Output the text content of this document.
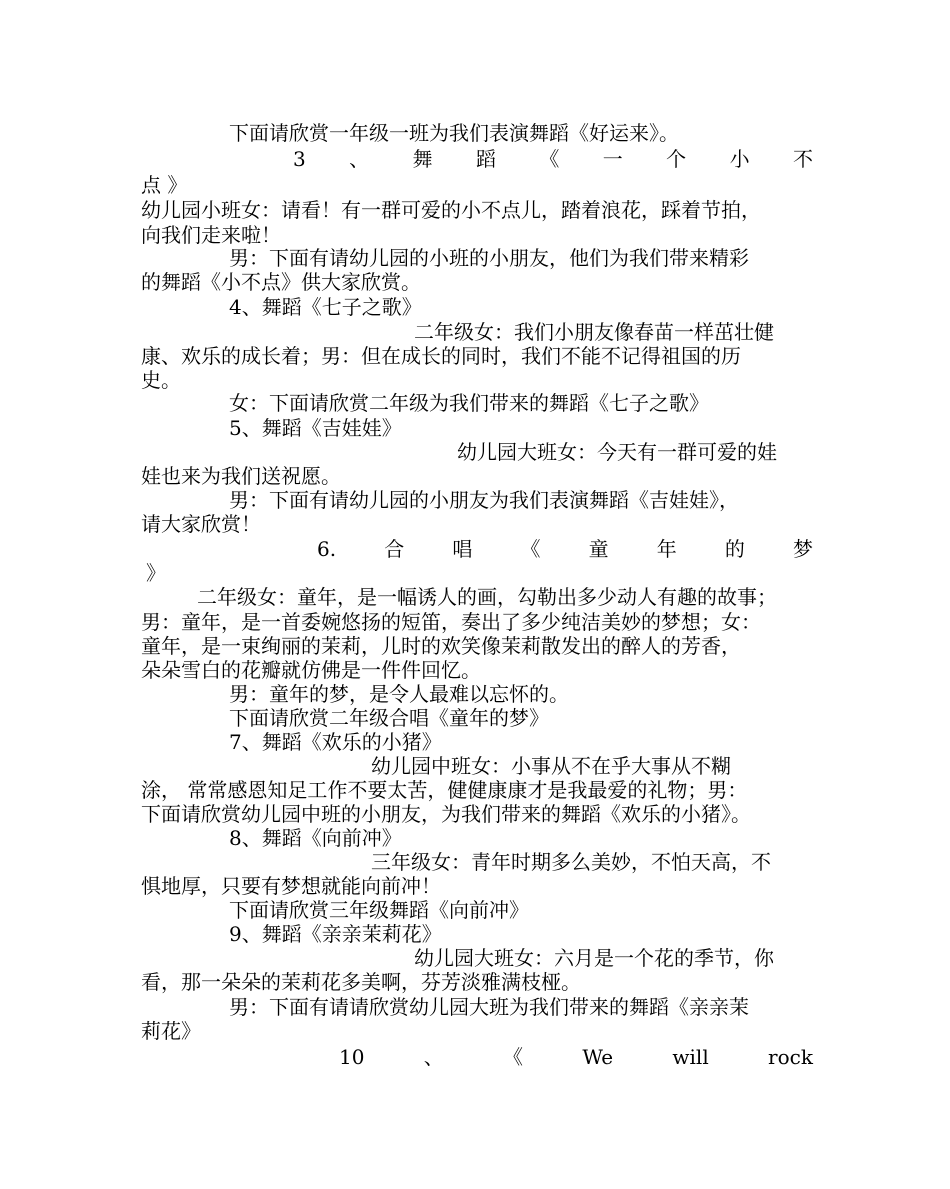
下面请欣赏一年级一班为我们表演舞蹈《好运来》。
3 、 舞 蹈 《 一 个 小 不
点 》
幼儿园小班女：请看！有一群可爱的小不点儿，踏着浪花，踩着节拍，
向我们走来啦！
男：下面有请幼儿园的小班的小朋友，他们为我们带来精彩
的舞蹈《小不点》供大家欣赏。
4、舞蹈《七子之歌》
二年级女：我们小朋友像春苗一样茁壮健
康、欢乐的成长着；男：但在成长的同时，我们不能不记得祖国的历
史。
女：下面请欣赏二年级为我们带来的舞蹈《七子之歌》
5、舞蹈《吉娃娃》
幼儿园大班女：今天有一群可爱的娃
娃也来为我们送祝愿。
男：下面有请幼儿园的小朋友为我们表演舞蹈《吉娃娃》，
请大家欣赏！
6. 合 唱 《 童 年 的 梦
》
二年级女：童年，是一幅诱人的画，勾勒出多少动人有趣的故事；
男：童年，是一首委婉悠扬的短笛，奏出了多少纯洁美妙的梦想；女：
童年，是一束绚丽的茉莉，儿时的欢笑像茉莉散发出的醉人的芳香，
朵朵雪白的花瓣就仿佛是一件件回忆。
男：童年的梦，是令人最难以忘怀的。
下面请欣赏二年级合唱《童年的梦》
7、舞蹈《欢乐的小猪》
幼儿园中班女：小事从不在乎大事从不糊
涂， 常常感恩知足工作不要太苦，健健康康才是我最爱的礼物；男：
下面请欣赏幼儿园中班的小朋友，为我们带来的舞蹈《欢乐的小猪》。
8、舞蹈《向前冲》
三年级女：青年时期多么美妙，不怕天高，不
惧地厚，只要有梦想就能向前冲！
下面请欣赏三年级舞蹈《向前冲》
9、舞蹈《亲亲茉莉花》
幼儿园大班女：六月是一个花的季节，你
看，那一朵朵的茉莉花多美啊，芬芳淡雅满枝桠。
男：下面有请请欣赏幼儿园大班为我们带来的舞蹈《亲亲茉
莉花》
10	、	《	We	will	rock
